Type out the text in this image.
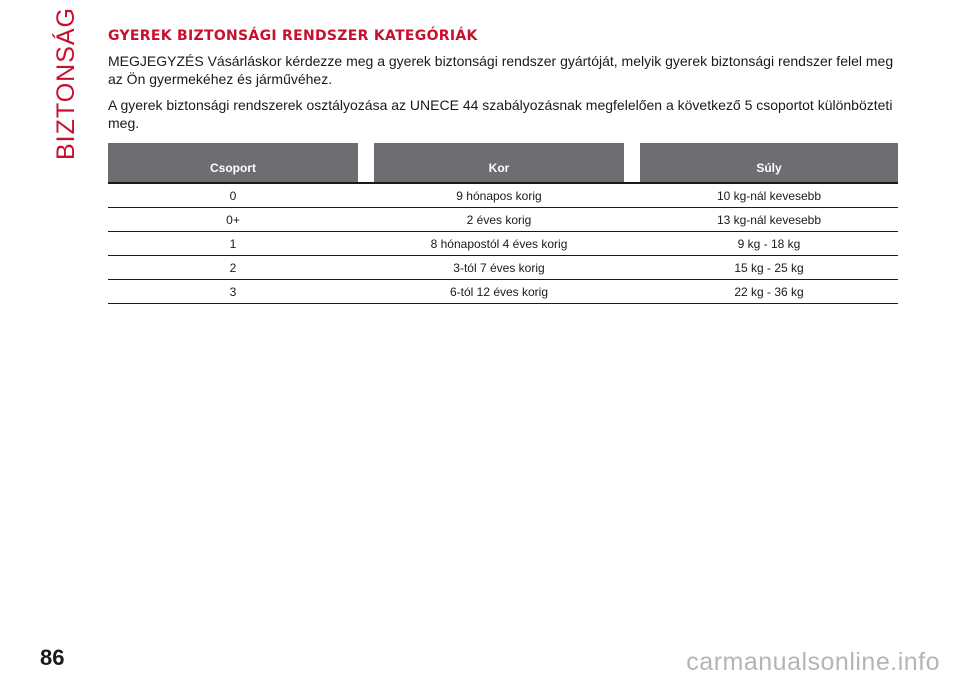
BIZTONSÁG GYEREK BIZTONSÁGI RENDSZER KATEGÓRIÁK

MEGJEGYZÉS Vásárláskor kérdezze meg a gyerek biztonsági rendszer gyártóját, melyik gyerek biztonsági rendszer felel meg az Ön gyermekéhez és járművéhez.

A gyerek biztonsági rendszerek osztályozása az UNECE 44 szabályozásnak megfelelően a következő 5 csoportot különbözteti meg.

Csoport		Kor		Súly
0	9 hónapos korig			10 kg-nál kevesebb
0+	2 éves korig			13 kg-nál kevesebb
1	8 hónapostól 4 éves korig			9 kg - 18 kg
2	3-tól 7 éves korig			15 kg - 25 kg
3	6-tól 12 éves korig			22 kg - 36 kg
86	carmanualsonline.info
